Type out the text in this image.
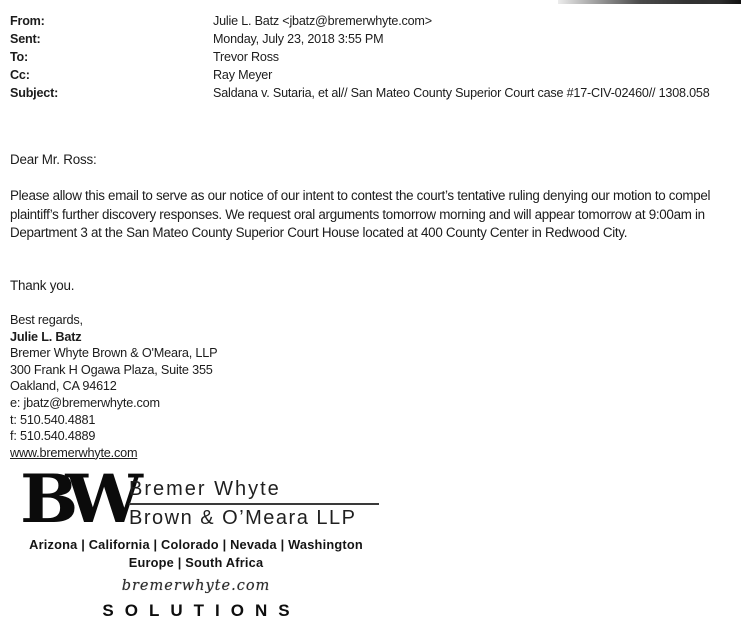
From:	Julie L. Batz <jbatz@bremerwhyte.com>
Sent:	Monday, July 23, 2018 3:55 PM
To:	Trevor Ross
Cc:	Ray Meyer
Subject:	Saldana v. Sutaria, et al// San Mateo County Superior Court case #17-CIV-02460// 1308.058
Dear Mr. Ross:
Please allow this email to serve as our notice of our intent to contest the court’s tentative ruling denying our motion to compel plaintiff’s further discovery responses. We request oral arguments tomorrow morning and will appear tomorrow at 9:00am in Department 3 at the San Mateo County Superior Court House located at 400 County Center in Redwood City.
Thank you.
Best regards,
Julie L. Batz
Bremer Whyte Brown & O'Meara, LLP
300 Frank H Ogawa Plaza, Suite 355
Oakland, CA 94612
e: jbatz@bremerwhyte.com
t: 510.540.4881
f: 510.540.4889
www.bremerwhyte.com
BW Bremer Whyte
Brown & O’Meara LLP
Arizona | California | Colorado | Nevada | Washington
Europe | South Africa
bremerwhyte.com
SOLUTIONS
